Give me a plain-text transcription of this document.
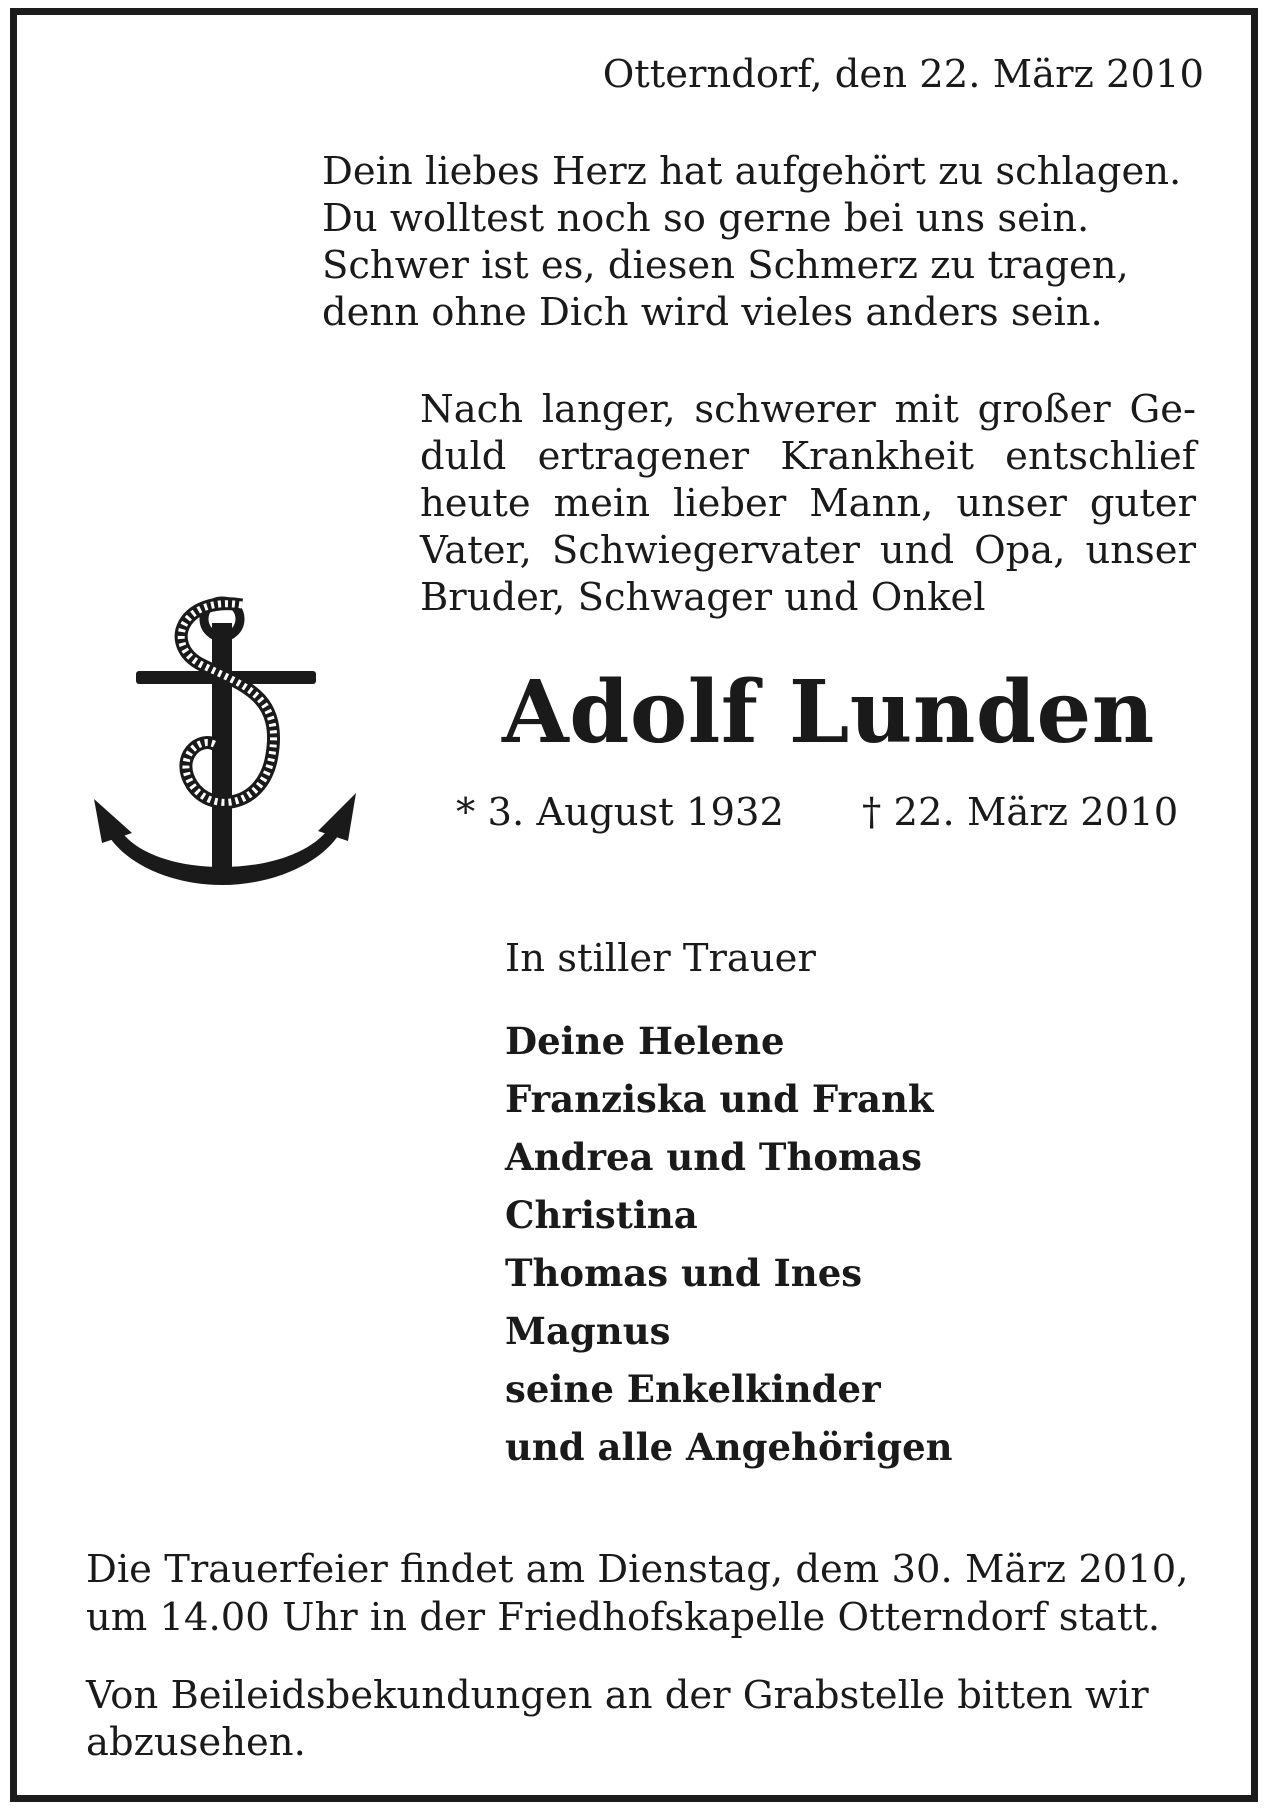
Otterndorf, den 22. März 2010
Dein liebes Herz hat aufgehört zu schlagen.
Du wolltest noch so gerne bei uns sein.
Schwer ist es, diesen Schmerz zu tragen,
denn ohne Dich wird vieles anders sein.
Nach langer, schwerer mit großer Ge-
duld ertragener Krankheit entschlief
heute mein lieber Mann, unser guter
Vater, Schwiegervater und Opa, unser
Bruder, Schwager und Onkel
Adolf Lunden
* 3. August 1932 † 22. März 2010
In stiller Trauer
Deine Helene
Franziska und Frank
Andrea und Thomas
Christina
Thomas und Ines
Magnus
seine Enkelkinder
und alle Angehörigen
Die Trauerfeier findet am Dienstag, dem 30. März 2010,
um 14.00 Uhr in der Friedhofskapelle Otterndorf statt.
Von Beileidsbekundungen an der Grabstelle bitten wir
abzusehen.
